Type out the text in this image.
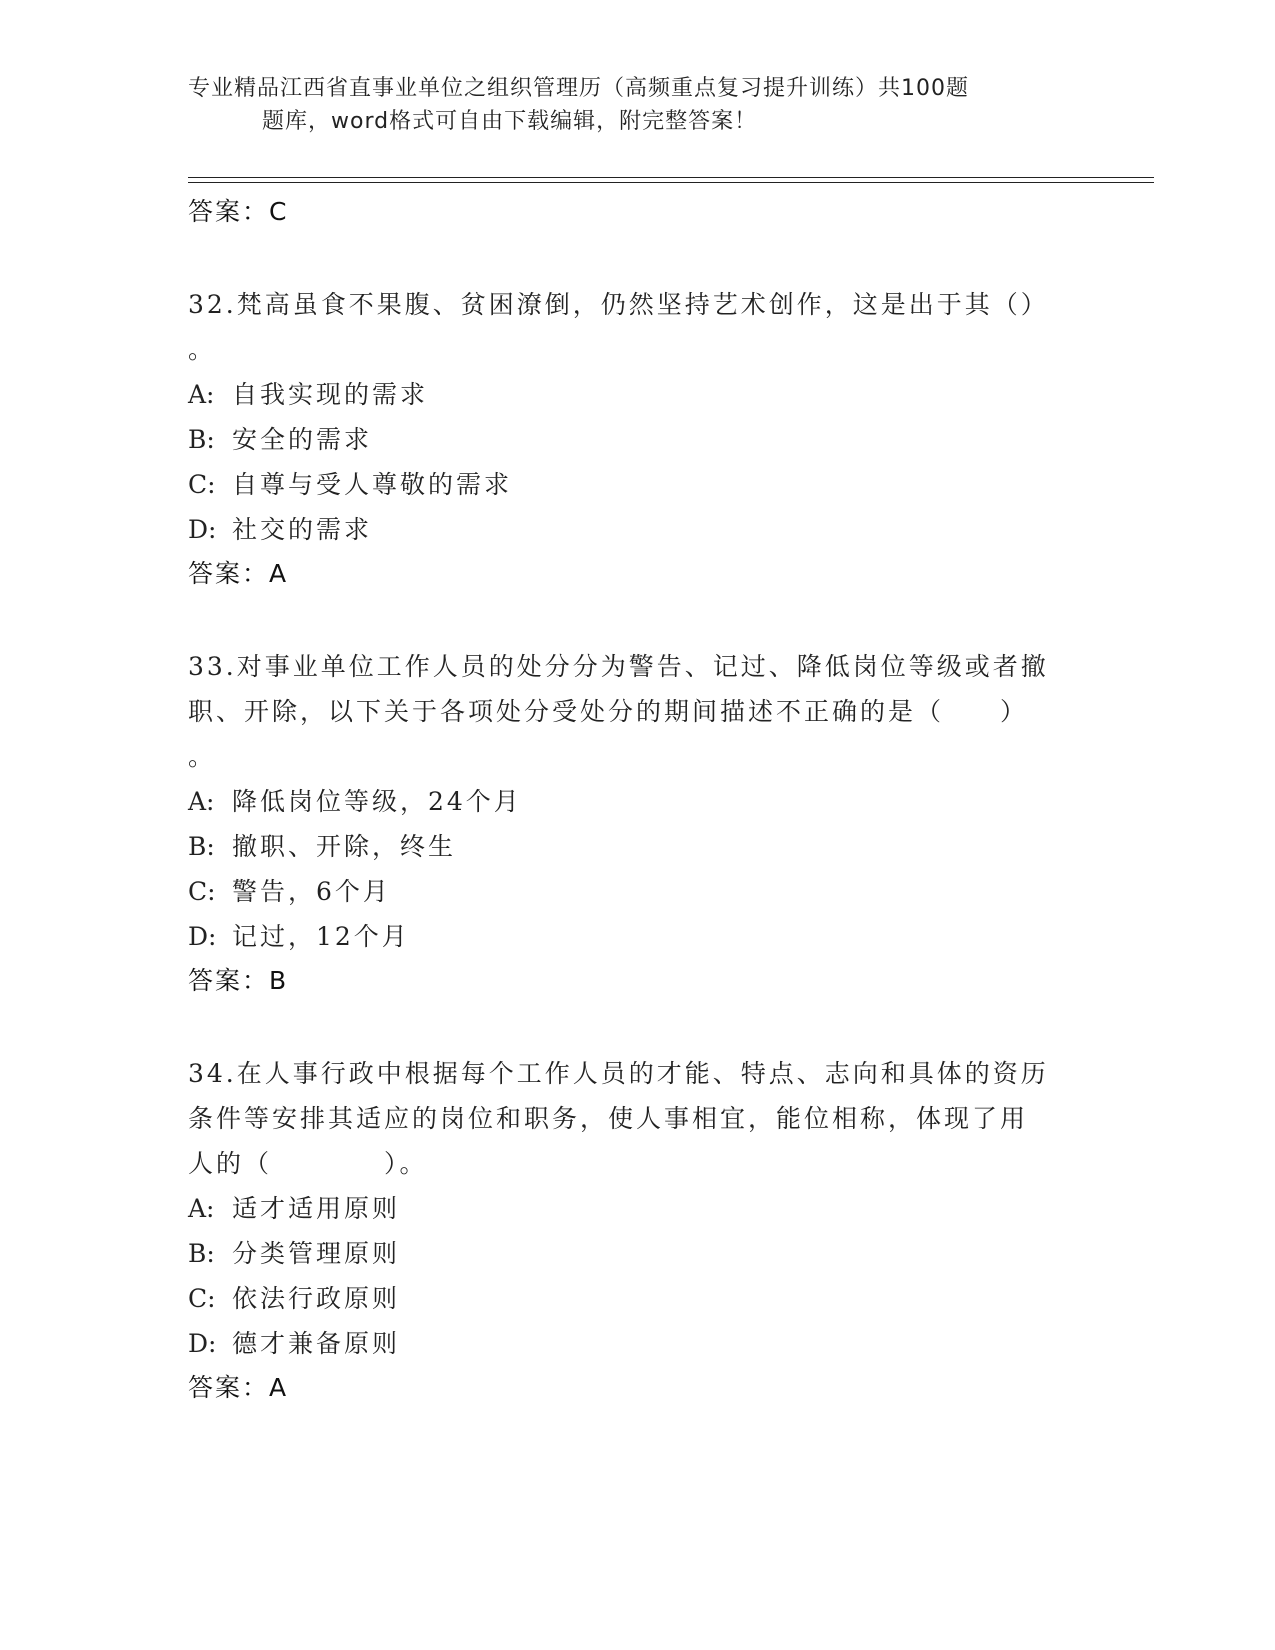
专业精品江西省直事业单位之组织管理历（高频重点复习提升训练）共100题
题库，word格式可自由下载编辑，附完整答案！
答案：C
32.梵高虽食不果腹、贫困潦倒，仍然坚持艺术创作，这是出于其（）
。
A: 自我实现的需求
B: 安全的需求
C: 自尊与受人尊敬的需求
D: 社交的需求
答案：A
33.对事业单位工作人员的处分分为警告、记过、降低岗位等级或者撤
职、开除，以下关于各项处分受处分的期间描述不正确的是（　　）
。
A: 降低岗位等级，24个月
B: 撤职、开除，终生
C: 警告，6个月
D: 记过，12个月
答案：B
34.在人事行政中根据每个工作人员的才能、特点、志向和具体的资历
条件等安排其适应的岗位和职务，使人事相宜，能位相称，体现了用
人的（　　　　）。
A: 适才适用原则
B: 分类管理原则
C: 依法行政原则
D: 德才兼备原则
答案：A
